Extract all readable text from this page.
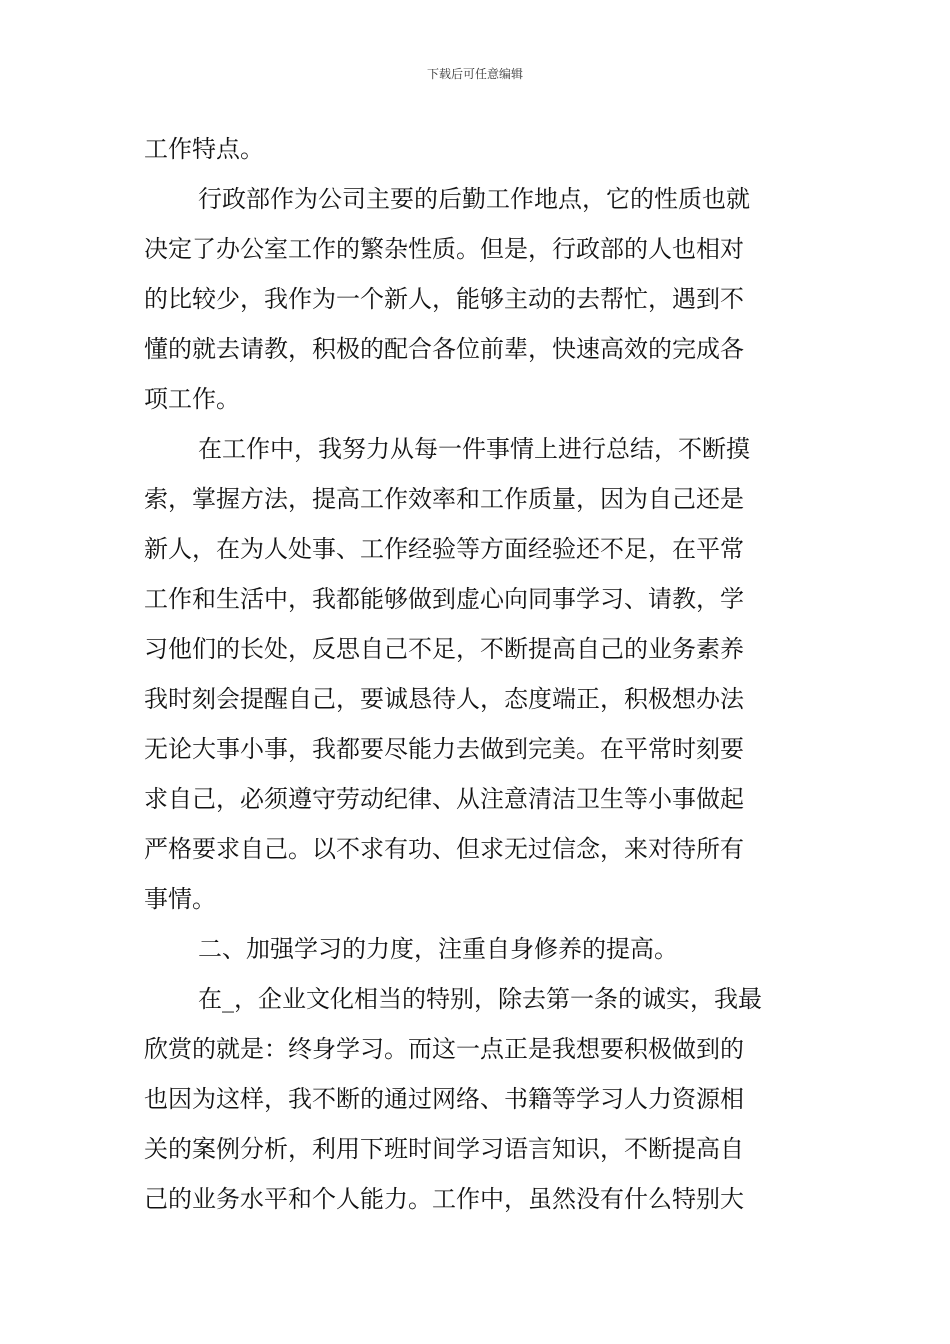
下载后可任意编辑
工作特点。
行政部作为公司主要的后勤工作地点，它的性质也就
决定了办公室工作的繁杂性质。但是，行政部的人也相对
的比较少，我作为一个新人，能够主动的去帮忙，遇到不
懂的就去请教，积极的配合各位前辈，快速高效的完成各
项工作。
在工作中，我努力从每一件事情上进行总结，不断摸
索，掌握方法，提高工作效率和工作质量，因为自己还是
新人，在为人处事、工作经验等方面经验还不足，在平常
工作和生活中，我都能够做到虚心向同事学习、请教，学
习他们的长处，反思自己不足，不断提高自己的业务素养
我时刻会提醒自己，要诚恳待人，态度端正，积极想办法
无论大事小事，我都要尽能力去做到完美。在平常时刻要
求自己，必须遵守劳动纪律、从注意清洁卫生等小事做起
严格要求自己。以不求有功、但求无过信念，来对待所有
事情。
二、加强学习的力度，注重自身修养的提高。
在_，企业文化相当的特别，除去第一条的诚实，我最
欣赏的就是：终身学习。而这一点正是我想要积极做到的
也因为这样，我不断的通过网络、书籍等学习人力资源相
关的案例分析，利用下班时间学习语言知识，不断提高自
己的业务水平和个人能力。工作中，虽然没有什么特别大
